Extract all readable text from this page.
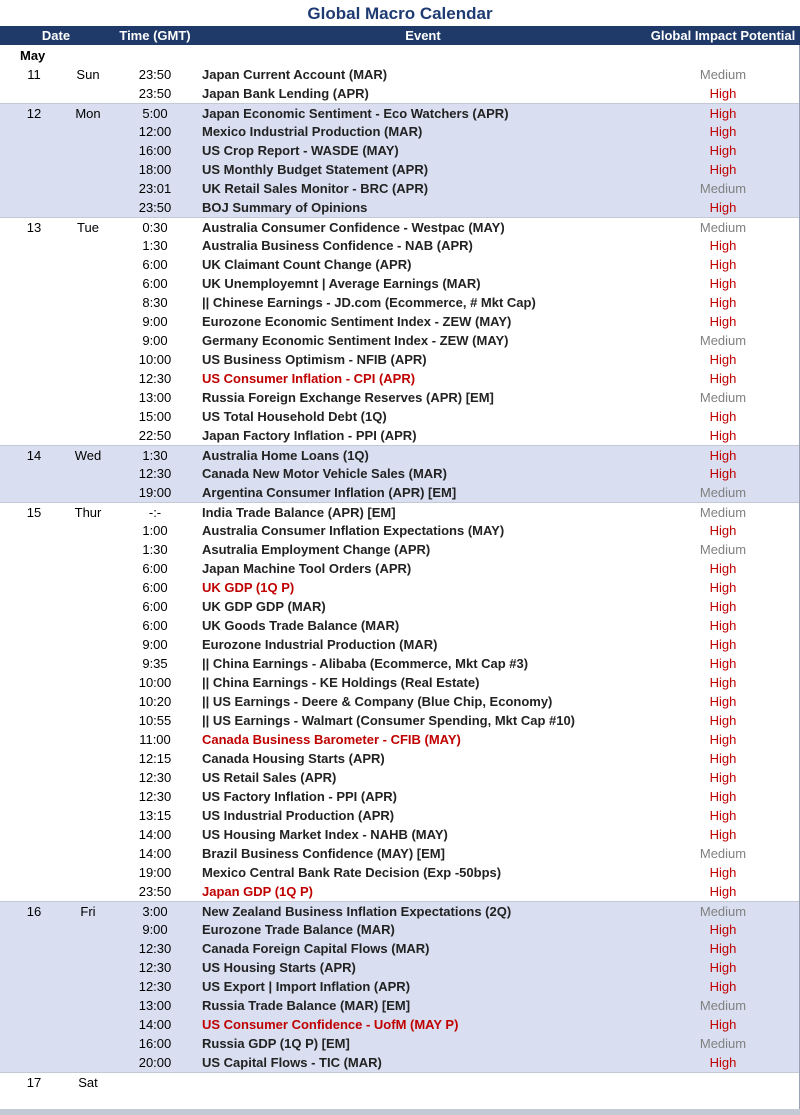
Global Macro Calendar
Date	Time (GMT)	Event	Global Impact Potential
May
11	Sun	23:50	Japan Current Account (MAR)	Medium
23:50	Japan Bank Lending (APR)	High
12	Mon	5:00	Japan Economic Sentiment - Eco Watchers (APR)	High
12:00	Mexico Industrial Production (MAR)	High
16:00	US Crop Report - WASDE (MAY)	High
18:00	US Monthly Budget Statement (APR)	High
23:01	UK Retail Sales Monitor - BRC (APR)	Medium
23:50	BOJ Summary of Opinions	High
13	Tue	0:30	Australia Consumer Confidence - Westpac (MAY)	Medium
1:30	Australia Business Confidence - NAB (APR)	High
6:00	UK Claimant Count Change (APR)	High
6:00	UK Unemployemnt | Average Earnings (MAR)	High
8:30	|| Chinese Earnings - JD.com (Ecommerce, # Mkt Cap)	High
9:00	Eurozone Economic Sentiment Index - ZEW (MAY)	High
9:00	Germany Economic Sentiment Index - ZEW (MAY)	Medium
10:00	US Business Optimism - NFIB (APR)	High
12:30	US Consumer Inflation - CPI (APR)	High
13:00	Russia Foreign Exchange Reserves (APR) [EM]	Medium
15:00	US Total Household Debt (1Q)	High
22:50	Japan Factory Inflation - PPI (APR)	High
14	Wed	1:30	Australia Home Loans (1Q)	High
12:30	Canada New Motor Vehicle Sales (MAR)	High
19:00	Argentina Consumer Inflation (APR) [EM]	Medium
15	Thur	-:-	India Trade Balance (APR) [EM]	Medium
1:00	Australia Consumer Inflation Expectations (MAY)	High
1:30	Asutralia Employment Change (APR)	Medium
6:00	Japan Machine Tool Orders (APR)	High
6:00	UK GDP (1Q P)	High
6:00	UK GDP GDP (MAR)	High
6:00	UK Goods Trade Balance (MAR)	High
9:00	Eurozone Industrial Production (MAR)	High
9:35	|| China Earnings - Alibaba (Ecommerce, Mkt Cap #3)	High
10:00	|| China Earnings - KE Holdings (Real Estate)	High
10:20	|| US Earnings - Deere & Company (Blue Chip, Economy)	High
10:55	|| US Earnings - Walmart (Consumer Spending, Mkt Cap #10)	High
11:00	Canada Business Barometer - CFIB (MAY)	High
12:15	Canada Housing Starts (APR)	High
12:30	US Retail Sales (APR)	High
12:30	US Factory Inflation - PPI (APR)	High
13:15	US Industrial Production (APR)	High
14:00	US Housing Market Index - NAHB (MAY)	High
14:00	Brazil Business Confidence (MAY) [EM]	Medium
19:00	Mexico Central Bank Rate Decision (Exp -50bps)	High
23:50	Japan GDP (1Q P)	High
16	Fri	3:00	New Zealand Business Inflation Expectations (2Q)	Medium
9:00	Eurozone Trade Balance (MAR)	High
12:30	Canada Foreign Capital Flows (MAR)	High
12:30	US Housing Starts (APR)	High
12:30	US Export | Import Inflation (APR)	High
13:00	Russia Trade Balance (MAR) [EM]	Medium
14:00	US Consumer Confidence - UofM (MAY P)	High
16:00	Russia GDP (1Q P) [EM]	Medium
20:00	US Capital Flows - TIC (MAR)	High
17	Sat
